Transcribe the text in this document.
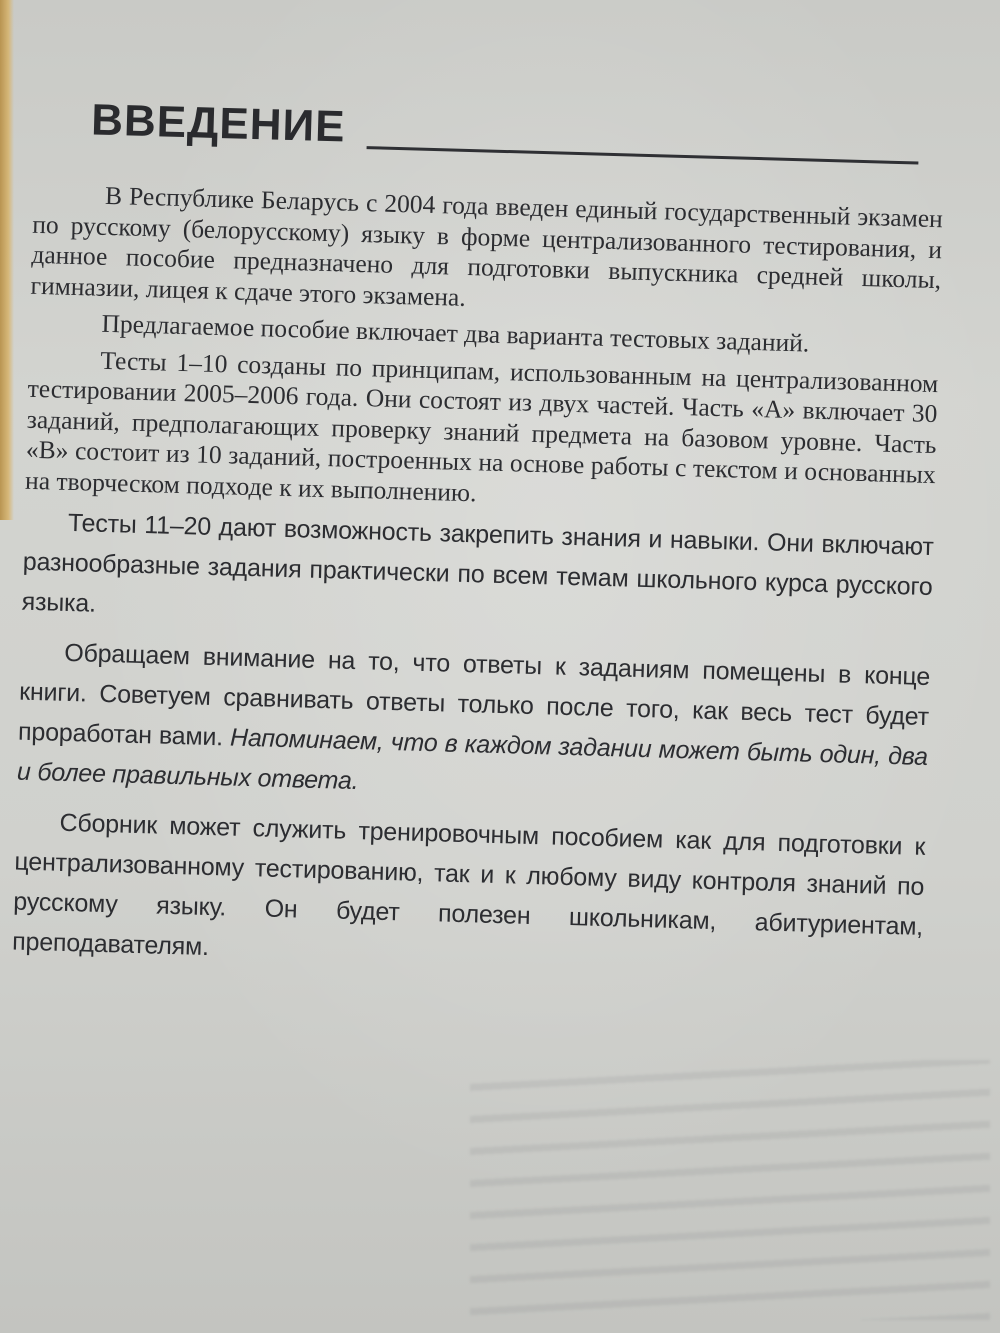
ВВЕДЕНИЕ

В Республике Беларусь с 2004 года введен единый государственный экзамен по русскому (белорусскому) языку в форме централизованного тестирования, и данное пособие предназначено для подготовки выпускника средней школы, гимназии, лицея к сдаче этого экзамена.

Предлагаемое пособие включает два варианта тестовых заданий.

Тесты 1–10 созданы по принципам, использованным на централизованном тестировании 2005–2006 года. Они состоят из двух частей. Часть «А» включает 30 заданий, предполагающих проверку знаний предмета на базовом уровне. Часть «В» состоит из 10 заданий, построенных на основе работы с текстом и основанных на творческом подходе к их выполнению.

Тесты 11–20 дают возможность закрепить знания и навыки. Они включают разнообразные задания практически по всем темам школьного курса русского языка.

Обращаем внимание на то, что ответы к заданиям помещены в конце книги. Советуем сравнивать ответы только после того, как весь тест будет проработан вами. Напоминаем, что в каждом задании может быть один, два и более правильных ответа.

Сборник может служить тренировочным пособием как для подготовки к централизованному тестированию, так и к любому виду контроля знаний по русскому языку. Он будет полезен школьникам, абитуриентам, преподавателям.
